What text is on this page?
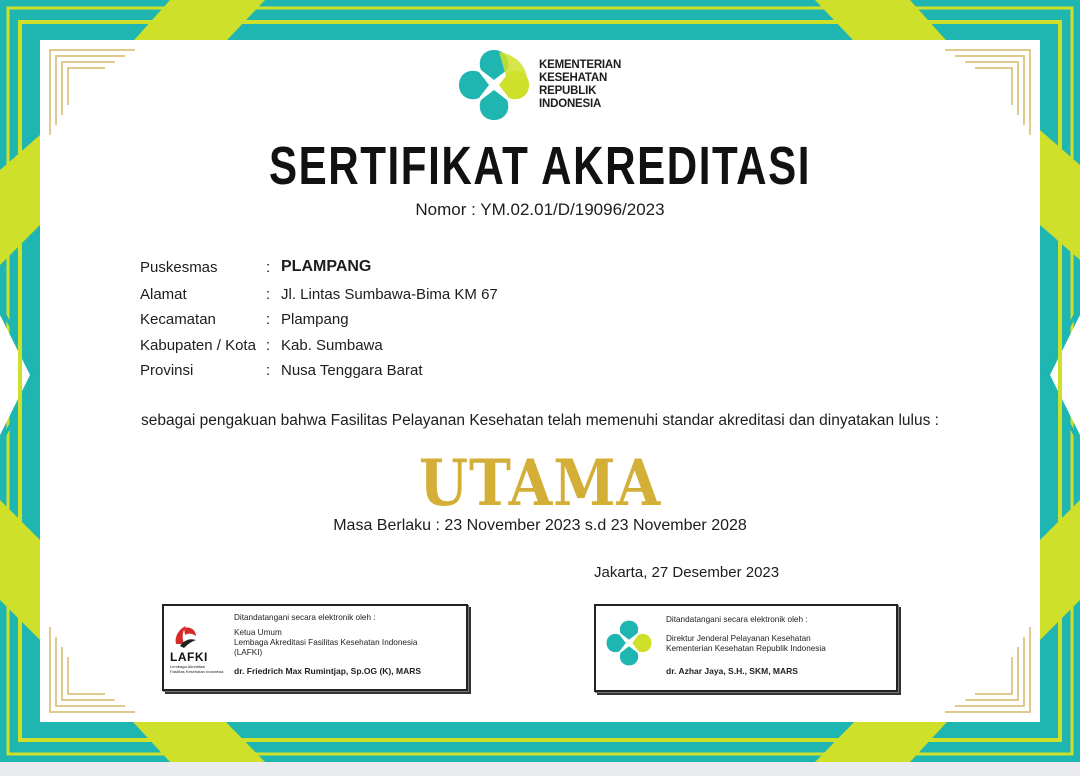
KEMENTERIAN
KESEHATAN
REPUBLIK
INDONESIA
SERTIFIKAT AKREDITASI
Nomor : YM.02.01/D/19096/2023
Puskesmas	: PLAMPANG
Alamat	: Jl. Lintas Sumbawa-Bima KM 67
Kecamatan	: Plampang
Kabupaten / Kota : Kab. Sumbawa
Provinsi	: Nusa Tenggara Barat
sebagai pengakuan bahwa Fasilitas Pelayanan Kesehatan telah memenuhi standar akreditasi dan dinyatakan lulus :
UTAMA
Masa Berlaku : 23 November 2023 s.d 23 November 2028
Jakarta, 27 Desember 2023
LAFKI
Lembaga Akreditasi
Fasilitas Kesehatan Indonesia
Ditandatangani secara elektronik oleh :
Ketua Umum
Lembaga Akreditasi Fasilitas Kesehatan Indonesia
(LAFKI)
dr. Friedrich Max Rumintjap, Sp.OG (K), MARS
Ditandatangani secara elektronik oleh :
Direktur Jenderal Pelayanan Kesehatan
Kementerian Kesehatan Republik Indonesia
dr. Azhar Jaya, S.H., SKM, MARS
